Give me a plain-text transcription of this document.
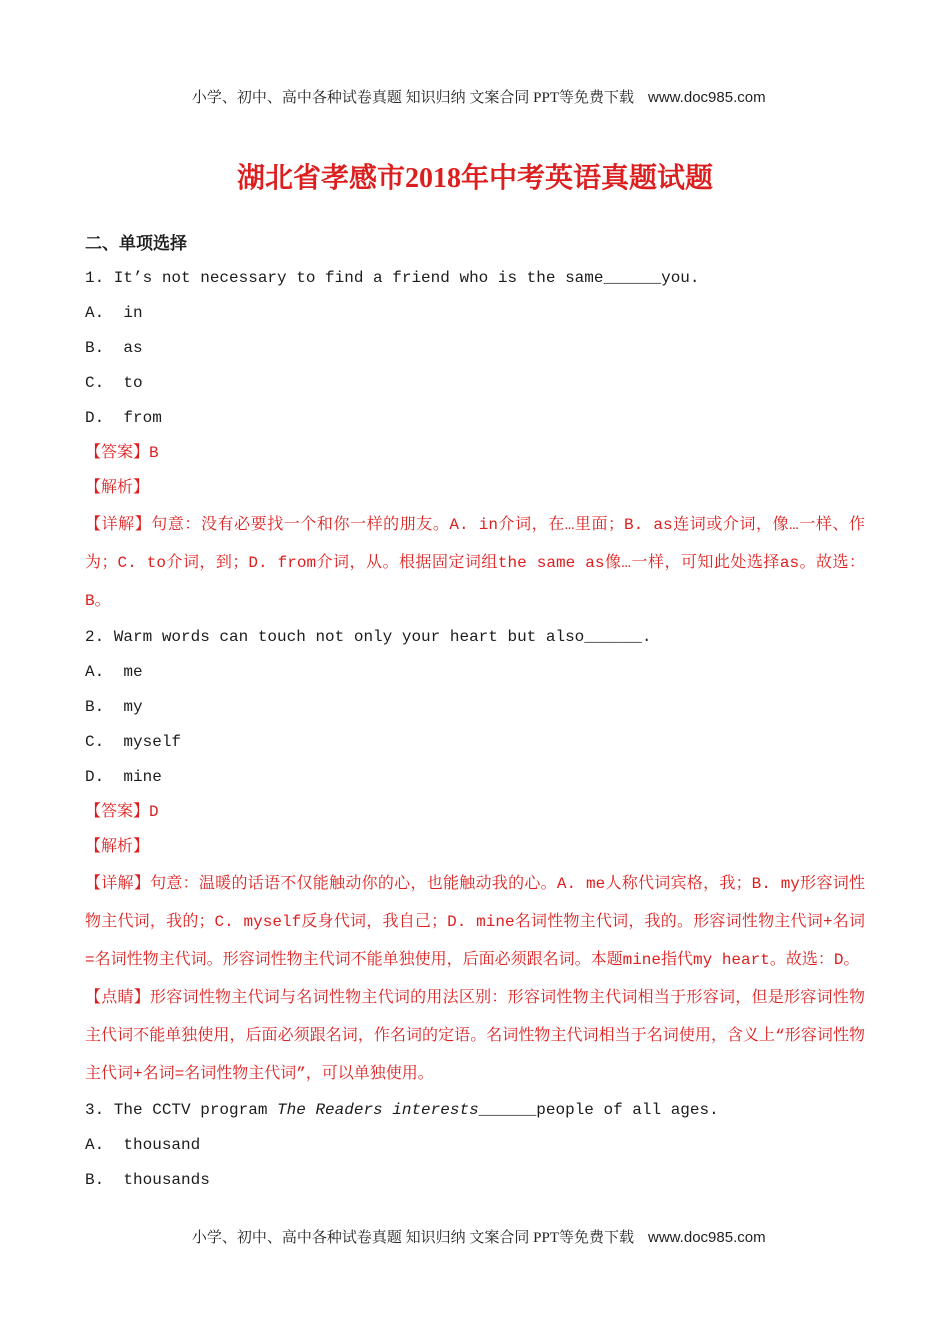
小学、初中、高中各种试卷真题 知识归纳 文案合同 PPT等免费下载 www.doc985.com

湖北省孝感市2018年中考英语真题试题
二、单项选择
1. It’s not necessary to find a friend who is the same______you.
A.  in
B.  as
C.  to
D.  from
【答案】B
【解析】
【详解】句意：没有必要找一个和你一样的朋友。A. in介词，在…里面；B. as连词或介词，像…一样、作为；C. to介词，到；D. from介词，从。根据固定词组the same as像…一样，可知此处选择as。故选：B。
2. Warm words can touch not only your heart but also______.
A.  me
B.  my
C.  myself
D.  mine
【答案】D
【解析】
【详解】句意：温暖的话语不仅能触动你的心，也能触动我的心。A. me人称代词宾格，我；B. my形容词性物主代词，我的；C. myself反身代词，我自己；D. mine名词性物主代词，我的。形容词性物主代词+名词=名词性物主代词。形容词性物主代词不能单独使用，后面必须跟名词。本题mine指代my heart。故选：D。
【点睛】形容词性物主代词与名词性物主代词的用法区别：形容词性物主代词相当于形容词，但是形容词性物主代词不能单独使用，后面必须跟名词，作名词的定语。名词性物主代词相当于名词使用，含义上“形容词性物主代词+名词=名词性物主代词”，可以单独使用。
3. The CCTV program The Readers interests______people of all ages.
A.  thousand
B.  thousands

小学、初中、高中各种试卷真题 知识归纳 文案合同 PPT等免费下载 www.doc985.com
